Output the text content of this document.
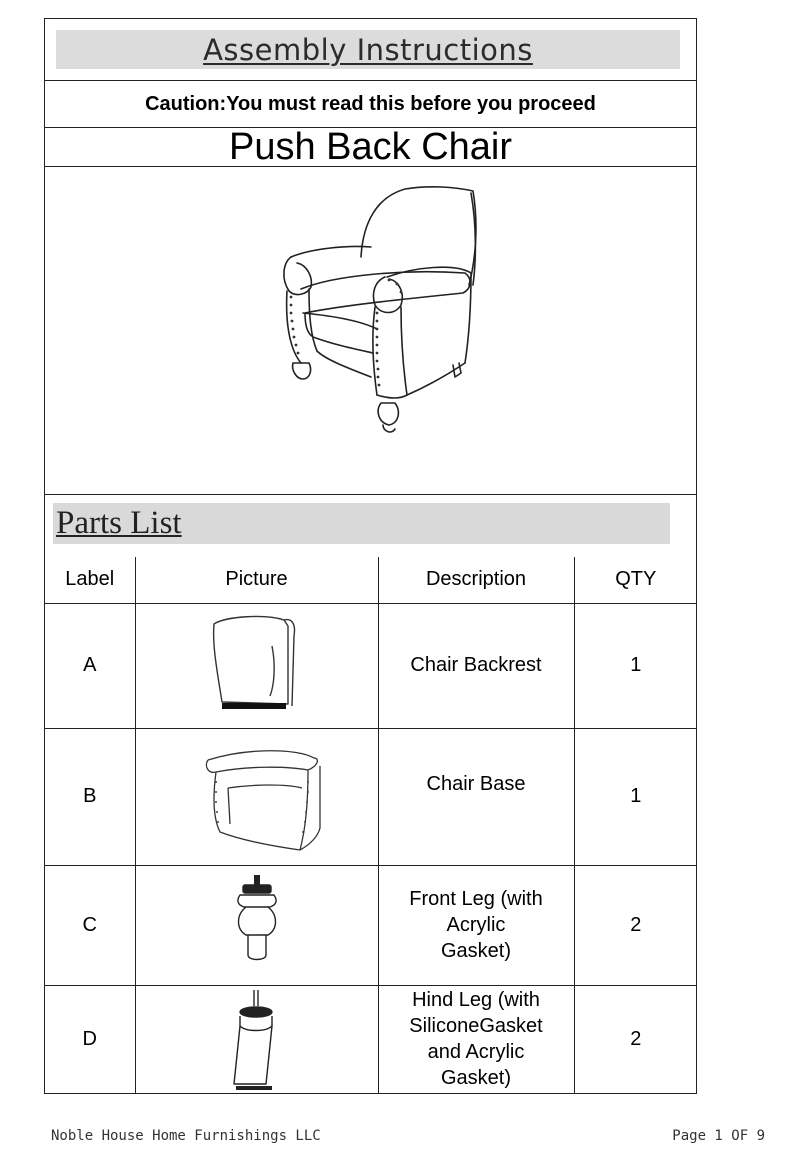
Assembly Instructions
Caution:You must read this before you proceed
Push Back Chair
Parts List
Label	Picture	Description	QTY
A		Chair Backrest	1
B		Chair Base	1
C		Front Leg (with
Acrylic
Gasket)	2
D		Hind Leg (with
SiliconeGasket
and Acrylic
Gasket)	2
Noble House Home Furnishings LLC	Page 1 OF 9
